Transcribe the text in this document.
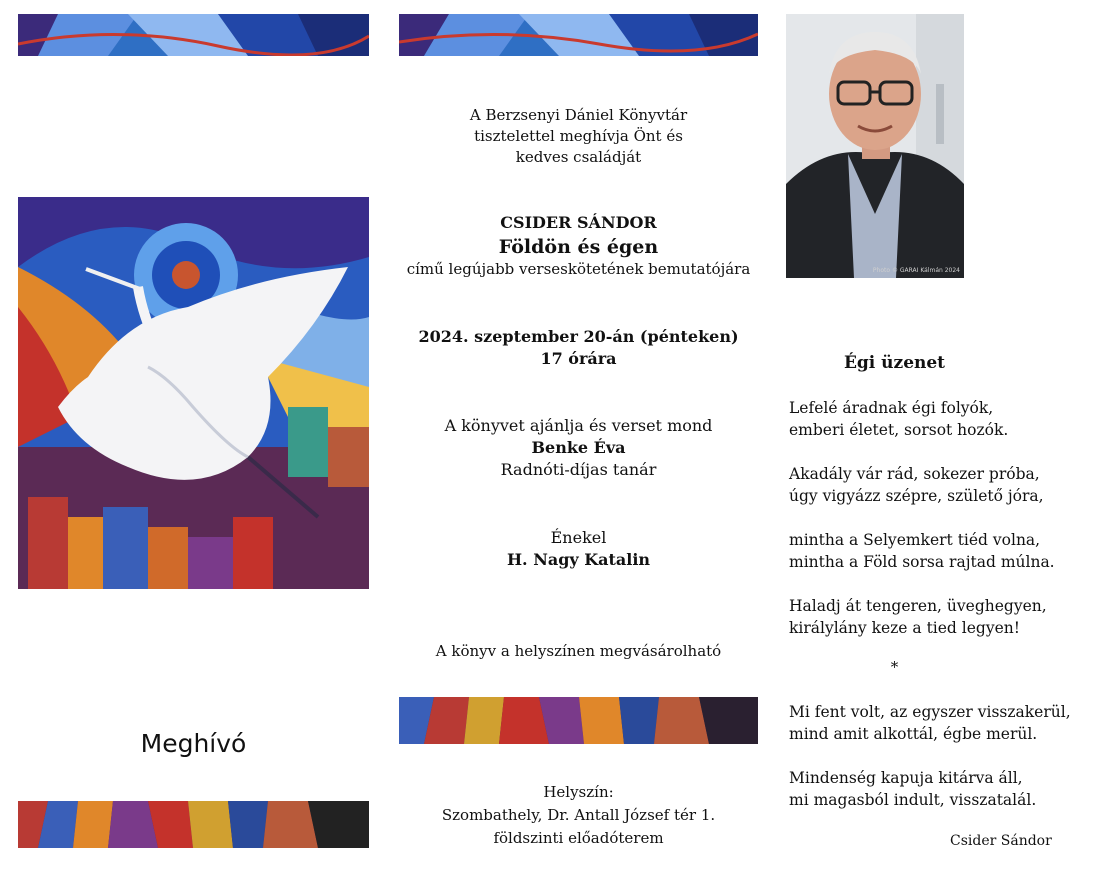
Meghívó
A Berzsenyi Dániel Könyvtár
tisztelettel meghívja Önt és
kedves családját
CSIDER SÁNDOR
Földön és égen
című legújabb verseskötetének bemutatójára
2024. szeptember 20-án (pénteken)
17 órára
A könyvet ajánlja és verset mond
Benke Éva
Radnóti-díjas tanár
Énekel
H. Nagy Katalin
A könyv a helyszínen megvásárolható
Helyszín:
Szombathely, Dr. Antall József tér 1.
földszinti előadóterem
Photo © GARAI Kálmán 2024
Égi üzenet

Lefelé áradnak égi folyók,

emberi életet, sorsot hozók.

Akadály vár rád, sokezer próba,

úgy vigyázz szépre, születő jóra,

mintha a Selyemkert tiéd volna,

mintha a Föld sorsa rajtad múlna.

Haladj át tengeren, üveghegyen,

királylány keze a tied legyen!

*

Mi fent volt, az egyszer visszakerül,

mind amit alkottál, égbe merül.

Mindenség kapuja kitárva áll,

mi magasból indult, visszatalál.

Csider Sándor
